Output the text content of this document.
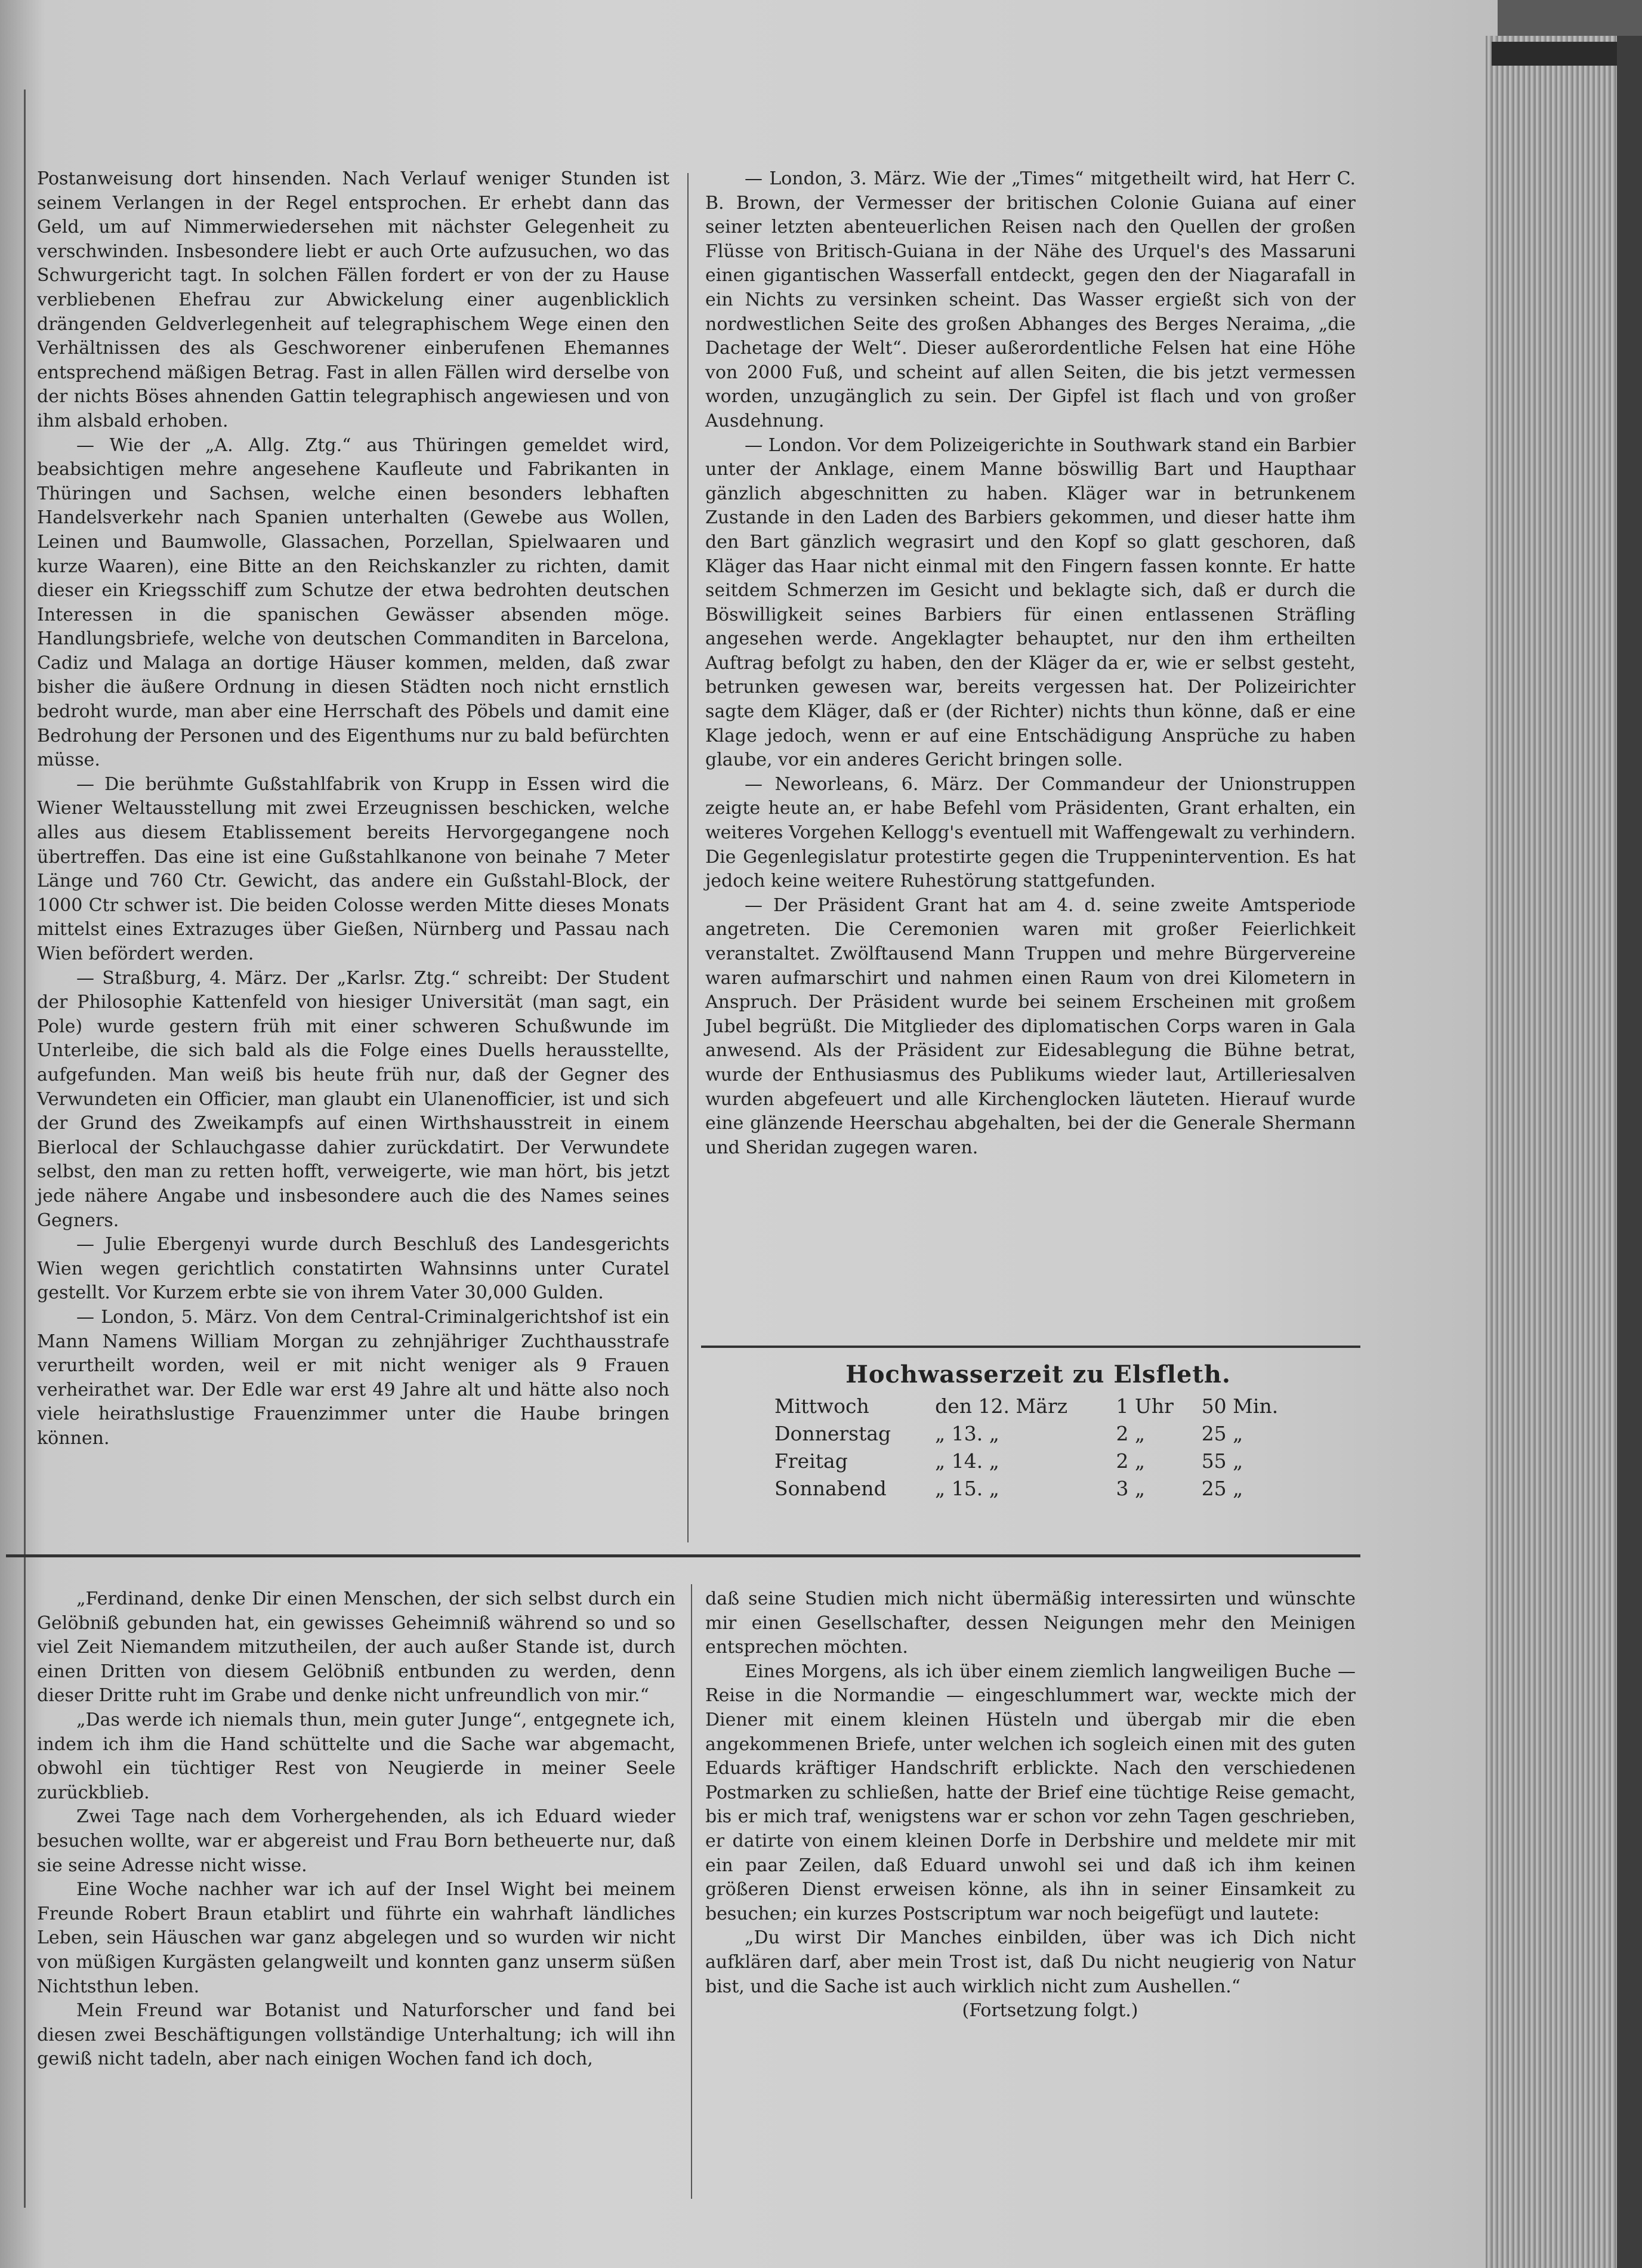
Postanweisung dort hinsenden. Nach Verlauf weniger Stunden ist seinem Verlangen in der Regel entsprochen. Er erhebt dann das Geld, um auf Nimmerwiedersehen mit nächster Gelegenheit zu verschwinden. Insbesondere liebt er auch Orte aufzusuchen, wo das Schwurgericht tagt. In solchen Fällen fordert er von der zu Hause verbliebenen Ehefrau zur Abwickelung einer augenblicklich drängenden Geldverlegenheit auf telegraphischem Wege einen den Verhältnissen des als Geschworener einberufenen Ehemannes entsprechend mäßigen Betrag. Fast in allen Fällen wird derselbe von der nichts Böses ahnenden Gattin telegraphisch angewiesen und von ihm alsbald erhoben.

— Wie der „A. Allg. Ztg.“ aus Thüringen gemeldet wird, beabsichtigen mehre angesehene Kaufleute und Fabrikanten in Thüringen und Sachsen, welche einen besonders lebhaften Handelsverkehr nach Spanien unterhalten (Gewebe aus Wollen, Leinen und Baumwolle, Glassachen, Porzellan, Spielwaaren und kurze Waaren), eine Bitte an den Reichskanzler zu richten, damit dieser ein Kriegsschiff zum Schutze der etwa bedrohten deutschen Interessen in die spanischen Gewässer absenden möge. Handlungsbriefe, welche von deutschen Commanditen in Barcelona, Cadiz und Malaga an dortige Häuser kommen, melden, daß zwar bisher die äußere Ordnung in diesen Städten noch nicht ernstlich bedroht wurde, man aber eine Herrschaft des Pöbels und damit eine Bedrohung der Personen und des Eigenthums nur zu bald befürchten müsse.

— Die berühmte Gußstahlfabrik von Krupp in Essen wird die Wiener Weltausstellung mit zwei Erzeugnissen beschicken, welche alles aus diesem Etablissement bereits Hervorgegangene noch übertreffen. Das eine ist eine Gußstahlkanone von beinahe 7 Meter Länge und 760 Ctr. Gewicht, das andere ein Gußstahl-Block, der 1000 Ctr schwer ist. Die beiden Colosse werden Mitte dieses Monats mittelst eines Extrazuges über Gießen, Nürnberg und Passau nach Wien befördert werden.

— Straßburg, 4. März. Der „Karlsr. Ztg.“ schreibt: Der Student der Philosophie Kattenfeld von hiesiger Universität (man sagt, ein Pole) wurde gestern früh mit einer schweren Schußwunde im Unterleibe, die sich bald als die Folge eines Duells herausstellte, aufgefunden. Man weiß bis heute früh nur, daß der Gegner des Verwundeten ein Officier, man glaubt ein Ulanenofficier, ist und sich der Grund des Zweikampfs auf einen Wirthshausstreit in einem Bierlocal der Schlauchgasse dahier zurückdatirt. Der Verwundete selbst, den man zu retten hofft, verweigerte, wie man hört, bis jetzt jede nähere Angabe und insbesondere auch die des Names seines Gegners.

— Julie Ebergenyi wurde durch Beschluß des Landesgerichts Wien wegen gerichtlich constatirten Wahnsinns unter Curatel gestellt. Vor Kurzem erbte sie von ihrem Vater 30,000 Gulden.

— London, 5. März. Von dem Central-Criminalgerichtshof ist ein Mann Namens William Morgan zu zehnjähriger Zuchthausstrafe verurtheilt worden, weil er mit nicht weniger als 9 Frauen verheirathet war. Der Edle war erst 49 Jahre alt und hätte also noch viele heirathslustige Frauenzimmer unter die Haube bringen können.

— London, 3. März. Wie der „Times“ mitgetheilt wird, hat Herr C. B. Brown, der Vermesser der britischen Colonie Guiana auf einer seiner letzten abenteuerlichen Reisen nach den Quellen der großen Flüsse von Britisch-Guiana in der Nähe des Urquel's des Massaruni einen gigantischen Wasserfall entdeckt, gegen den der Niagarafall in ein Nichts zu versinken scheint. Das Wasser ergießt sich von der nordwestlichen Seite des großen Abhanges des Berges Neraima, „die Dachetage der Welt“. Dieser außerordentliche Felsen hat eine Höhe von 2000 Fuß, und scheint auf allen Seiten, die bis jetzt vermessen worden, unzugänglich zu sein. Der Gipfel ist flach und von großer Ausdehnung.

— London. Vor dem Polizeigerichte in Southwark stand ein Barbier unter der Anklage, einem Manne böswillig Bart und Haupthaar gänzlich abgeschnitten zu haben. Kläger war in betrunkenem Zustande in den Laden des Barbiers gekommen, und dieser hatte ihm den Bart gänzlich wegrasirt und den Kopf so glatt geschoren, daß Kläger das Haar nicht einmal mit den Fingern fassen konnte. Er hatte seitdem Schmerzen im Gesicht und beklagte sich, daß er durch die Böswilligkeit seines Barbiers für einen entlassenen Sträfling angesehen werde. Angeklagter behauptet, nur den ihm ertheilten Auftrag befolgt zu haben, den der Kläger da er, wie er selbst gesteht, betrunken gewesen war, bereits vergessen hat. Der Polizeirichter sagte dem Kläger, daß er (der Richter) nichts thun könne, daß er eine Klage jedoch, wenn er auf eine Entschädigung Ansprüche zu haben glaube, vor ein anderes Gericht bringen solle.

— Neworleans, 6. März. Der Commandeur der Unionstruppen zeigte heute an, er habe Befehl vom Präsidenten, Grant erhalten, ein weiteres Vorgehen Kellogg's eventuell mit Waffengewalt zu verhindern. Die Gegenlegislatur protestirte gegen die Truppenintervention. Es hat jedoch keine weitere Ruhestörung stattgefunden.

— Der Präsident Grant hat am 4. d. seine zweite Amtsperiode angetreten. Die Ceremonien waren mit großer Feierlichkeit veranstaltet. Zwölftausend Mann Truppen und mehre Bürgervereine waren aufmarschirt und nahmen einen Raum von drei Kilometern in Anspruch. Der Präsident wurde bei seinem Erscheinen mit großem Jubel begrüßt. Die Mitglieder des diplomatischen Corps waren in Gala anwesend. Als der Präsident zur Eidesablegung die Bühne betrat, wurde der Enthusiasmus des Publikums wieder laut, Artilleriesalven wurden abgefeuert und alle Kirchenglocken läuteten. Hierauf wurde eine glänzende Heerschau abgehalten, bei der die Generale Shermann und Sheridan zugegen waren.

Hochwasserzeit zu Elsfleth.
Mittwoch	den 12. März	1 Uhr	50 Min.
Donnerstag	„ 13. „	2 „	25 „
Freitag	„ 14. „	2 „	55 „
Sonnabend	„ 15. „	3 „	25 „

„Ferdinand, denke Dir einen Menschen, der sich selbst durch ein Gelöbniß gebunden hat, ein gewisses Geheimniß während so und so viel Zeit Niemandem mitzutheilen, der auch außer Stande ist, durch einen Dritten von diesem Gelöbniß entbunden zu werden, denn dieser Dritte ruht im Grabe und denke nicht unfreundlich von mir.“

„Das werde ich niemals thun, mein guter Junge“, entgegnete ich, indem ich ihm die Hand schüttelte und die Sache war abgemacht, obwohl ein tüchtiger Rest von Neugierde in meiner Seele zurückblieb.

Zwei Tage nach dem Vorhergehenden, als ich Eduard wieder besuchen wollte, war er abgereist und Frau Born betheuerte nur, daß sie seine Adresse nicht wisse.

Eine Woche nachher war ich auf der Insel Wight bei meinem Freunde Robert Braun etablirt und führte ein wahrhaft ländliches Leben, sein Häuschen war ganz abgelegen und so wurden wir nicht von müßigen Kurgästen gelangweilt und konnten ganz unserm süßen Nichtsthun leben.

Mein Freund war Botanist und Naturforscher und fand bei diesen zwei Beschäftigungen vollständige Unterhaltung; ich will ihn gewiß nicht tadeln, aber nach einigen Wochen fand ich doch,

daß seine Studien mich nicht übermäßig interessirten und wünschte mir einen Gesellschafter, dessen Neigungen mehr den Meinigen entsprechen möchten.

Eines Morgens, als ich über einem ziemlich langweiligen Buche — Reise in die Normandie — eingeschlummert war, weckte mich der Diener mit einem kleinen Hüsteln und übergab mir die eben angekommenen Briefe, unter welchen ich sogleich einen mit des guten Eduards kräftiger Handschrift erblickte. Nach den verschiedenen Postmarken zu schließen, hatte der Brief eine tüchtige Reise gemacht, bis er mich traf, wenigstens war er schon vor zehn Tagen geschrieben, er datirte von einem kleinen Dorfe in Derbshire und meldete mir mit ein paar Zeilen, daß Eduard unwohl sei und daß ich ihm keinen größeren Dienst erweisen könne, als ihn in seiner Einsamkeit zu besuchen; ein kurzes Postscriptum war noch beigefügt und lautete:

„Du wirst Dir Manches einbilden, über was ich Dich nicht aufklären darf, aber mein Trost ist, daß Du nicht neugierig von Natur bist, und die Sache ist auch wirklich nicht zum Aushellen.“

(Fortsetzung folgt.)
